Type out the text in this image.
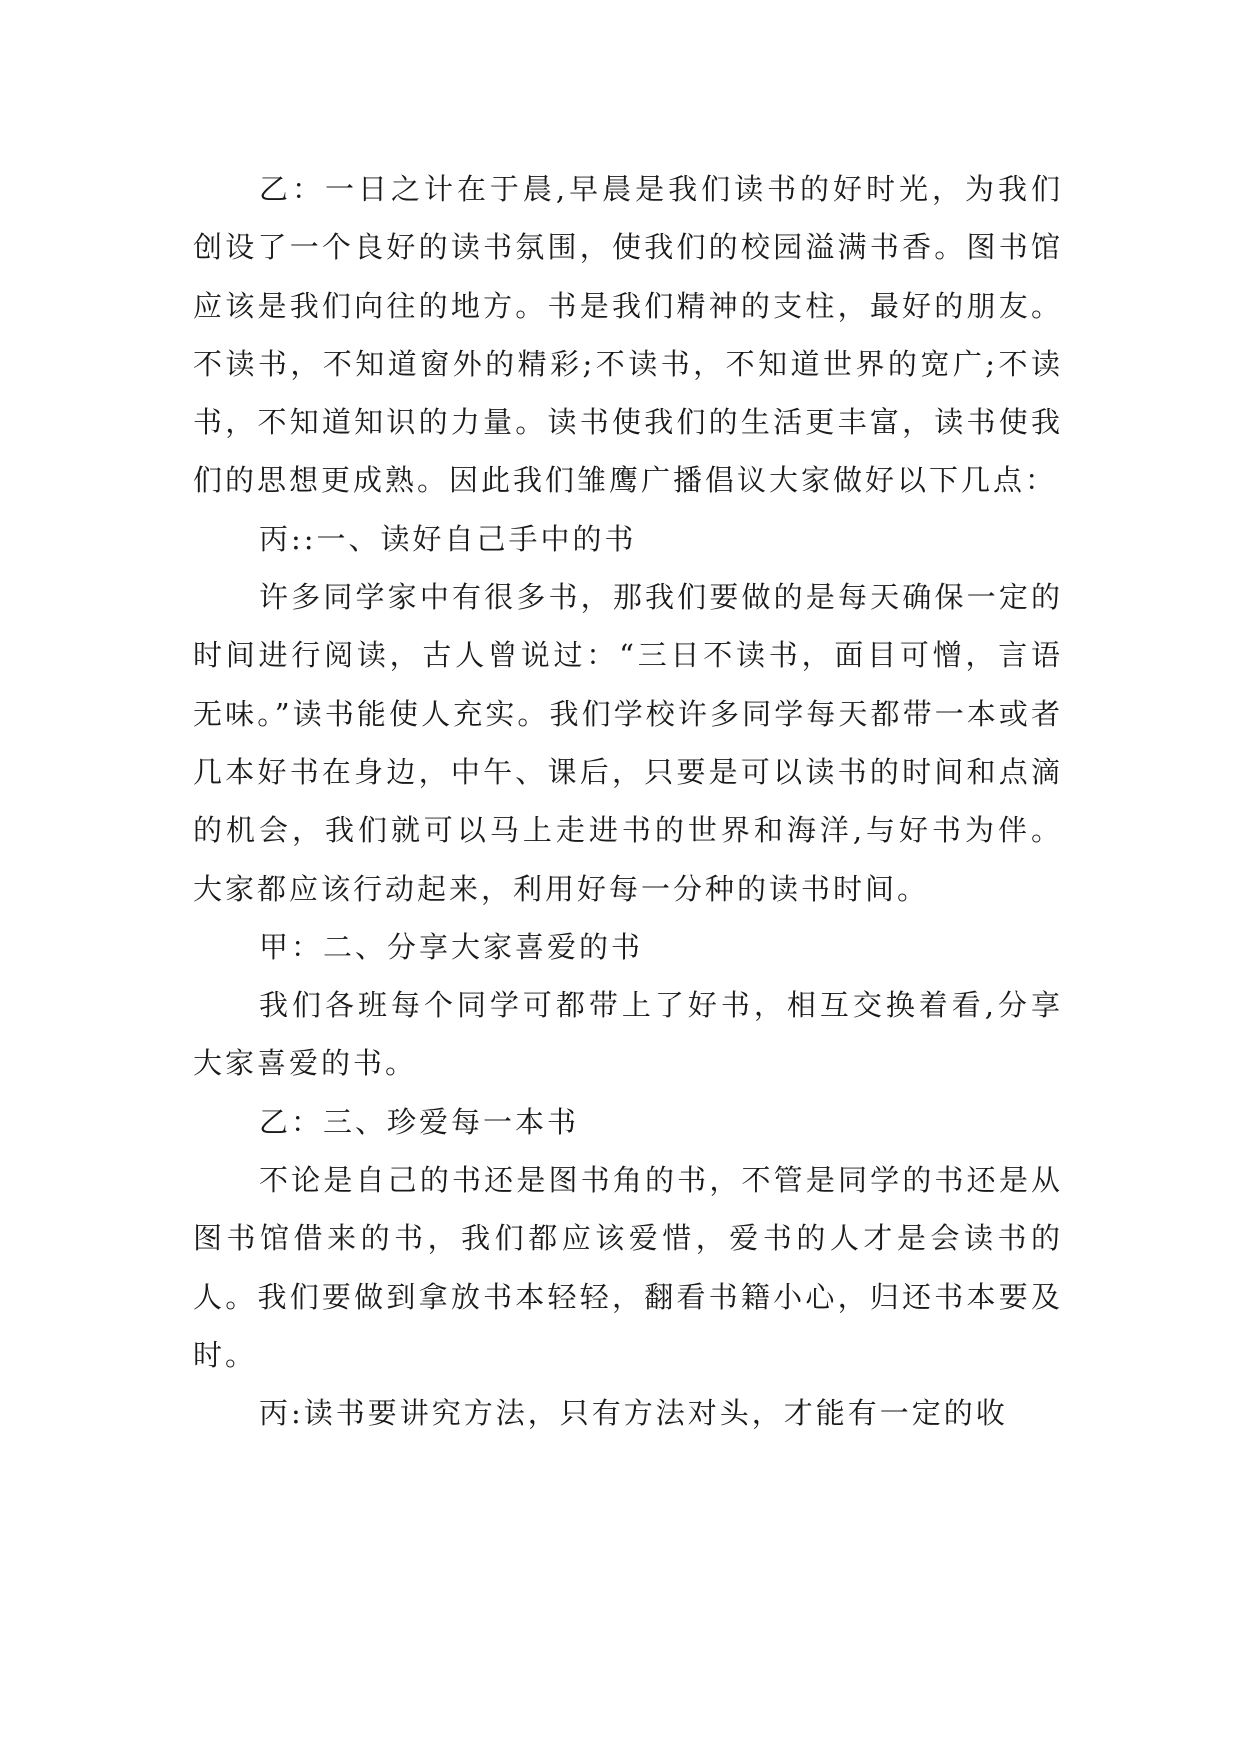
乙：一日之计在于晨,早晨是我们读书的好时光，为我们创设了一个良好的读书氛围，使我们的校园溢满书香。图书馆应该是我们向往的地方。书是我们精神的支柱，最好的朋友。不读书，不知道窗外的精彩;不读书，不知道世界的宽广;不读书，不知道知识的力量。读书使我们的生活更丰富，读书使我们的思想更成熟。因此我们雏鹰广播倡议大家做好以下几点：

丙::一、读好自己手中的书

许多同学家中有很多书，那我们要做的是每天确保一定的时间进行阅读，古人曾说过：“三日不读书，面目可憎，言语无味。”读书能使人充实。我们学校许多同学每天都带一本或者几本好书在身边，中午、课后，只要是可以读书的时间和点滴的机会，我们就可以马上走进书的世界和海洋,与好书为伴。大家都应该行动起来，利用好每一分种的读书时间。

甲：二、分享大家喜爱的书

我们各班每个同学可都带上了好书，相互交换着看,分享大家喜爱的书。

乙：三、珍爱每一本书

不论是自己的书还是图书角的书，不管是同学的书还是从图书馆借来的书，我们都应该爱惜，爱书的人才是会读书的人。我们要做到拿放书本轻轻，翻看书籍小心，归还书本要及时。

丙:读书要讲究方法，只有方法对头，才能有一定的收
